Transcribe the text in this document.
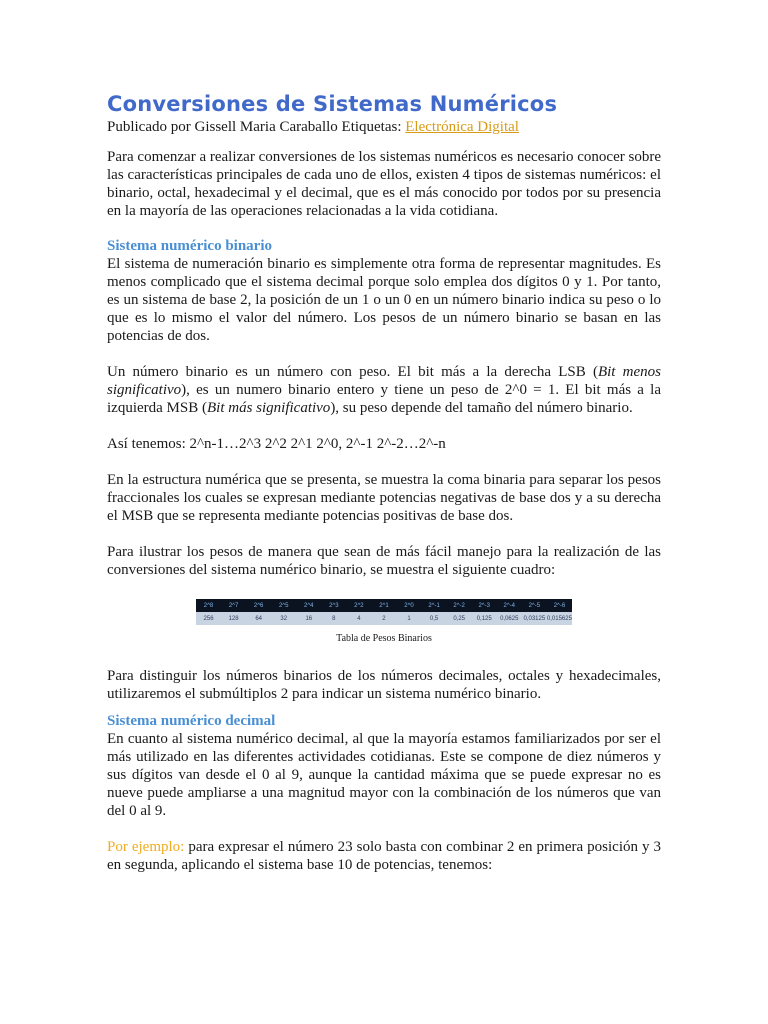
Conversiones de Sistemas Numéricos

Publicado por Gissell Maria Caraballo Etiquetas: Electrónica Digital

Para comenzar a realizar conversiones de los sistemas numéricos es necesario conocer sobre las características principales de cada uno de ellos, existen 4 tipos de sistemas numéricos: el binario, octal, hexadecimal y el decimal, que es el más conocido por todos por su presencia en la mayoría de las operaciones relacionadas a la vida cotidiana.

Sistema numérico binario

El sistema de numeración binario es simplemente otra forma de representar magnitudes. Es menos complicado que el sistema decimal porque solo emplea dos dígitos 0 y 1. Por tanto, es un sistema de base 2, la posición de un 1 o un 0 en un número binario indica su peso o lo que es lo mismo el valor del número. Los pesos de un número binario se basan en las potencias de dos.

Un número binario es un número con peso. El bit más a la derecha LSB (Bit menos significativo), es un numero binario entero y tiene un peso de 2^0 = 1. El bit más a la izquierda MSB (Bit más significativo), su peso depende del tamaño del número binario.

Así tenemos: 2^n-1…2^3 2^2 2^1 2^0, 2^-1 2^-2…2^-n

En la estructura numérica que se presenta, se muestra la coma binaria para separar los pesos fraccionales los cuales se expresan mediante potencias negativas de base dos y a su derecha el MSB que se representa mediante potencias positivas de base dos.

Para ilustrar los pesos de manera que sean de más fácil manejo para la realización de las conversiones del sistema numérico binario, se muestra el siguiente cuadro:

2^8	2^7	2^6	2^5	2^4	2^3	2^2	2^1	2^0	2^-1	2^-2	2^-3	2^-4	2^-5	2^-6
256	128	64	32	16	8	4	2	1	0,5	0,25	0,125	0,0625	0,03125	0,015625
Tabla de Pesos Binarios

Para distinguir los números binarios de los números decimales, octales y hexadecimales, utilizaremos el submúltiplos 2 para indicar un sistema numérico binario.

Sistema numérico decimal

En cuanto al sistema numérico decimal, al que la mayoría estamos familiarizados por ser el más utilizado en las diferentes actividades cotidianas. Este se compone de diez números y sus dígitos van desde el 0 al 9, aunque la cantidad máxima que se puede expresar no es nueve puede ampliarse a una magnitud mayor con la combinación de los números que van del 0 al 9.

Por ejemplo: para expresar el número 23 solo basta con combinar 2 en primera posición y 3 en segunda, aplicando el sistema base 10 de potencias, tenemos:
